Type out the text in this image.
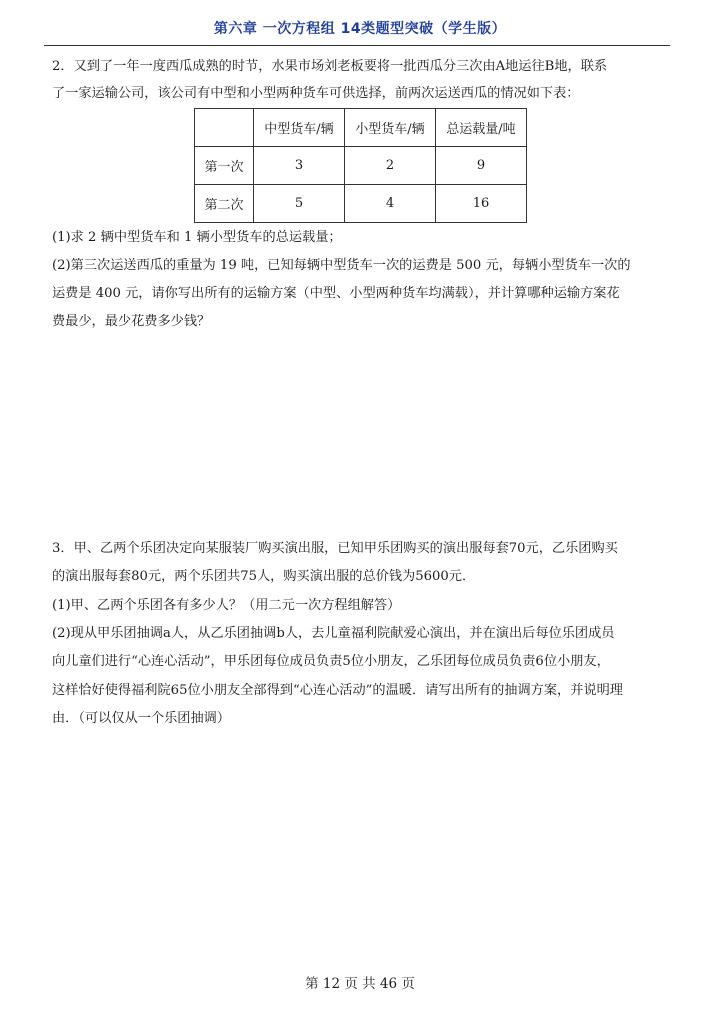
第六章 一次方程组 14类题型突破（学生版）
2．又到了一年一度西瓜成熟的时节，水果市场刘老板要将一批西瓜分三次由A地运往B地，联系
了一家运输公司，该公司有中型和小型两种货车可供选择，前两次运送西瓜的情况如下表：
	中型货车/辆	小型货车/辆	总运载量/吨
第一次	3	2	9
第二次	5	4	16
(1)求 2 辆中型货车和 1 辆小型货车的总运载量；
(2)第三次运送西瓜的重量为 19 吨，已知每辆中型货车一次的运费是 500 元，每辆小型货车一次的
运费是 400 元，请你写出所有的运输方案（中型、小型两种货车均满载），并计算哪种运输方案花
费最少，最少花费多少钱？
3．甲、乙两个乐团决定向某服装厂购买演出服，已知甲乐团购买的演出服每套70元，乙乐团购买
的演出服每套80元，两个乐团共75人，购买演出服的总价钱为5600元．
(1)甲、乙两个乐团各有多少人？（用二元一次方程组解答）
(2)现从甲乐团抽调a人，从乙乐团抽调b人，去儿童福利院献爱心演出，并在演出后每位乐团成员
向儿童们进行“心连心活动”，甲乐团每位成员负责5位小朋友，乙乐团每位成员负责6位小朋友，
这样恰好使得福利院65位小朋友全部得到“心连心活动”的温暖．请写出所有的抽调方案，并说明理
由．（可以仅从一个乐团抽调）
第 12 页 共 46 页
